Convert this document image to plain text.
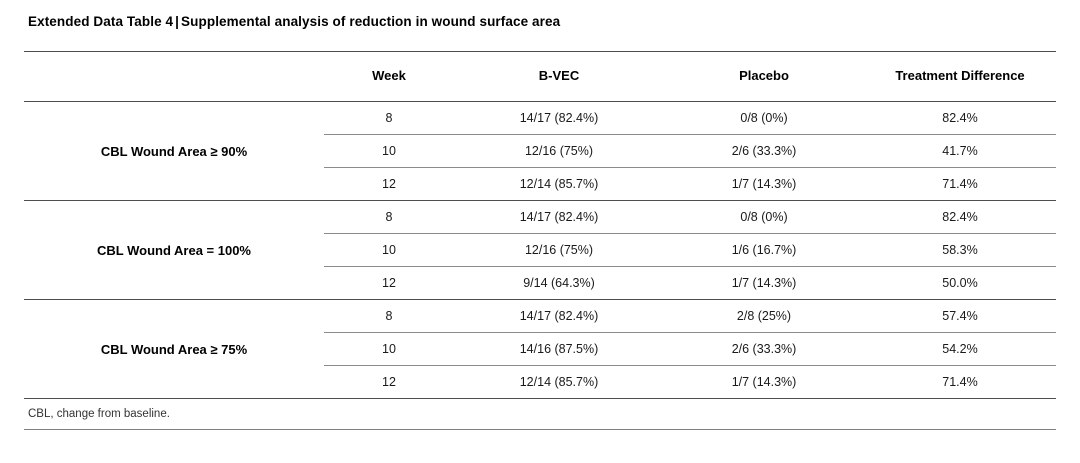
Extended Data Table 4 | Supplemental analysis of reduction in wound surface area
	Week	B-VEC	Placebo	Treatment Difference
CBL Wound Area ≥ 90%	8	14/17 (82.4%)	0/8 (0%)	82.4%
	10	12/16 (75%)	2/6 (33.3%)	41.7%
	12	12/14 (85.7%)	1/7 (14.3%)	71.4%
CBL Wound Area = 100%	8	14/17 (82.4%)	0/8 (0%)	82.4%
	10	12/16 (75%)	1/6 (16.7%)	58.3%
	12	9/14 (64.3%)	1/7 (14.3%)	50.0%
CBL Wound Area ≥ 75%	8	14/17 (82.4%)	2/8 (25%)	57.4%
	10	14/16 (87.5%)	2/6 (33.3%)	54.2%
	12	12/14 (85.7%)	1/7 (14.3%)	71.4%
CBL, change from baseline.
